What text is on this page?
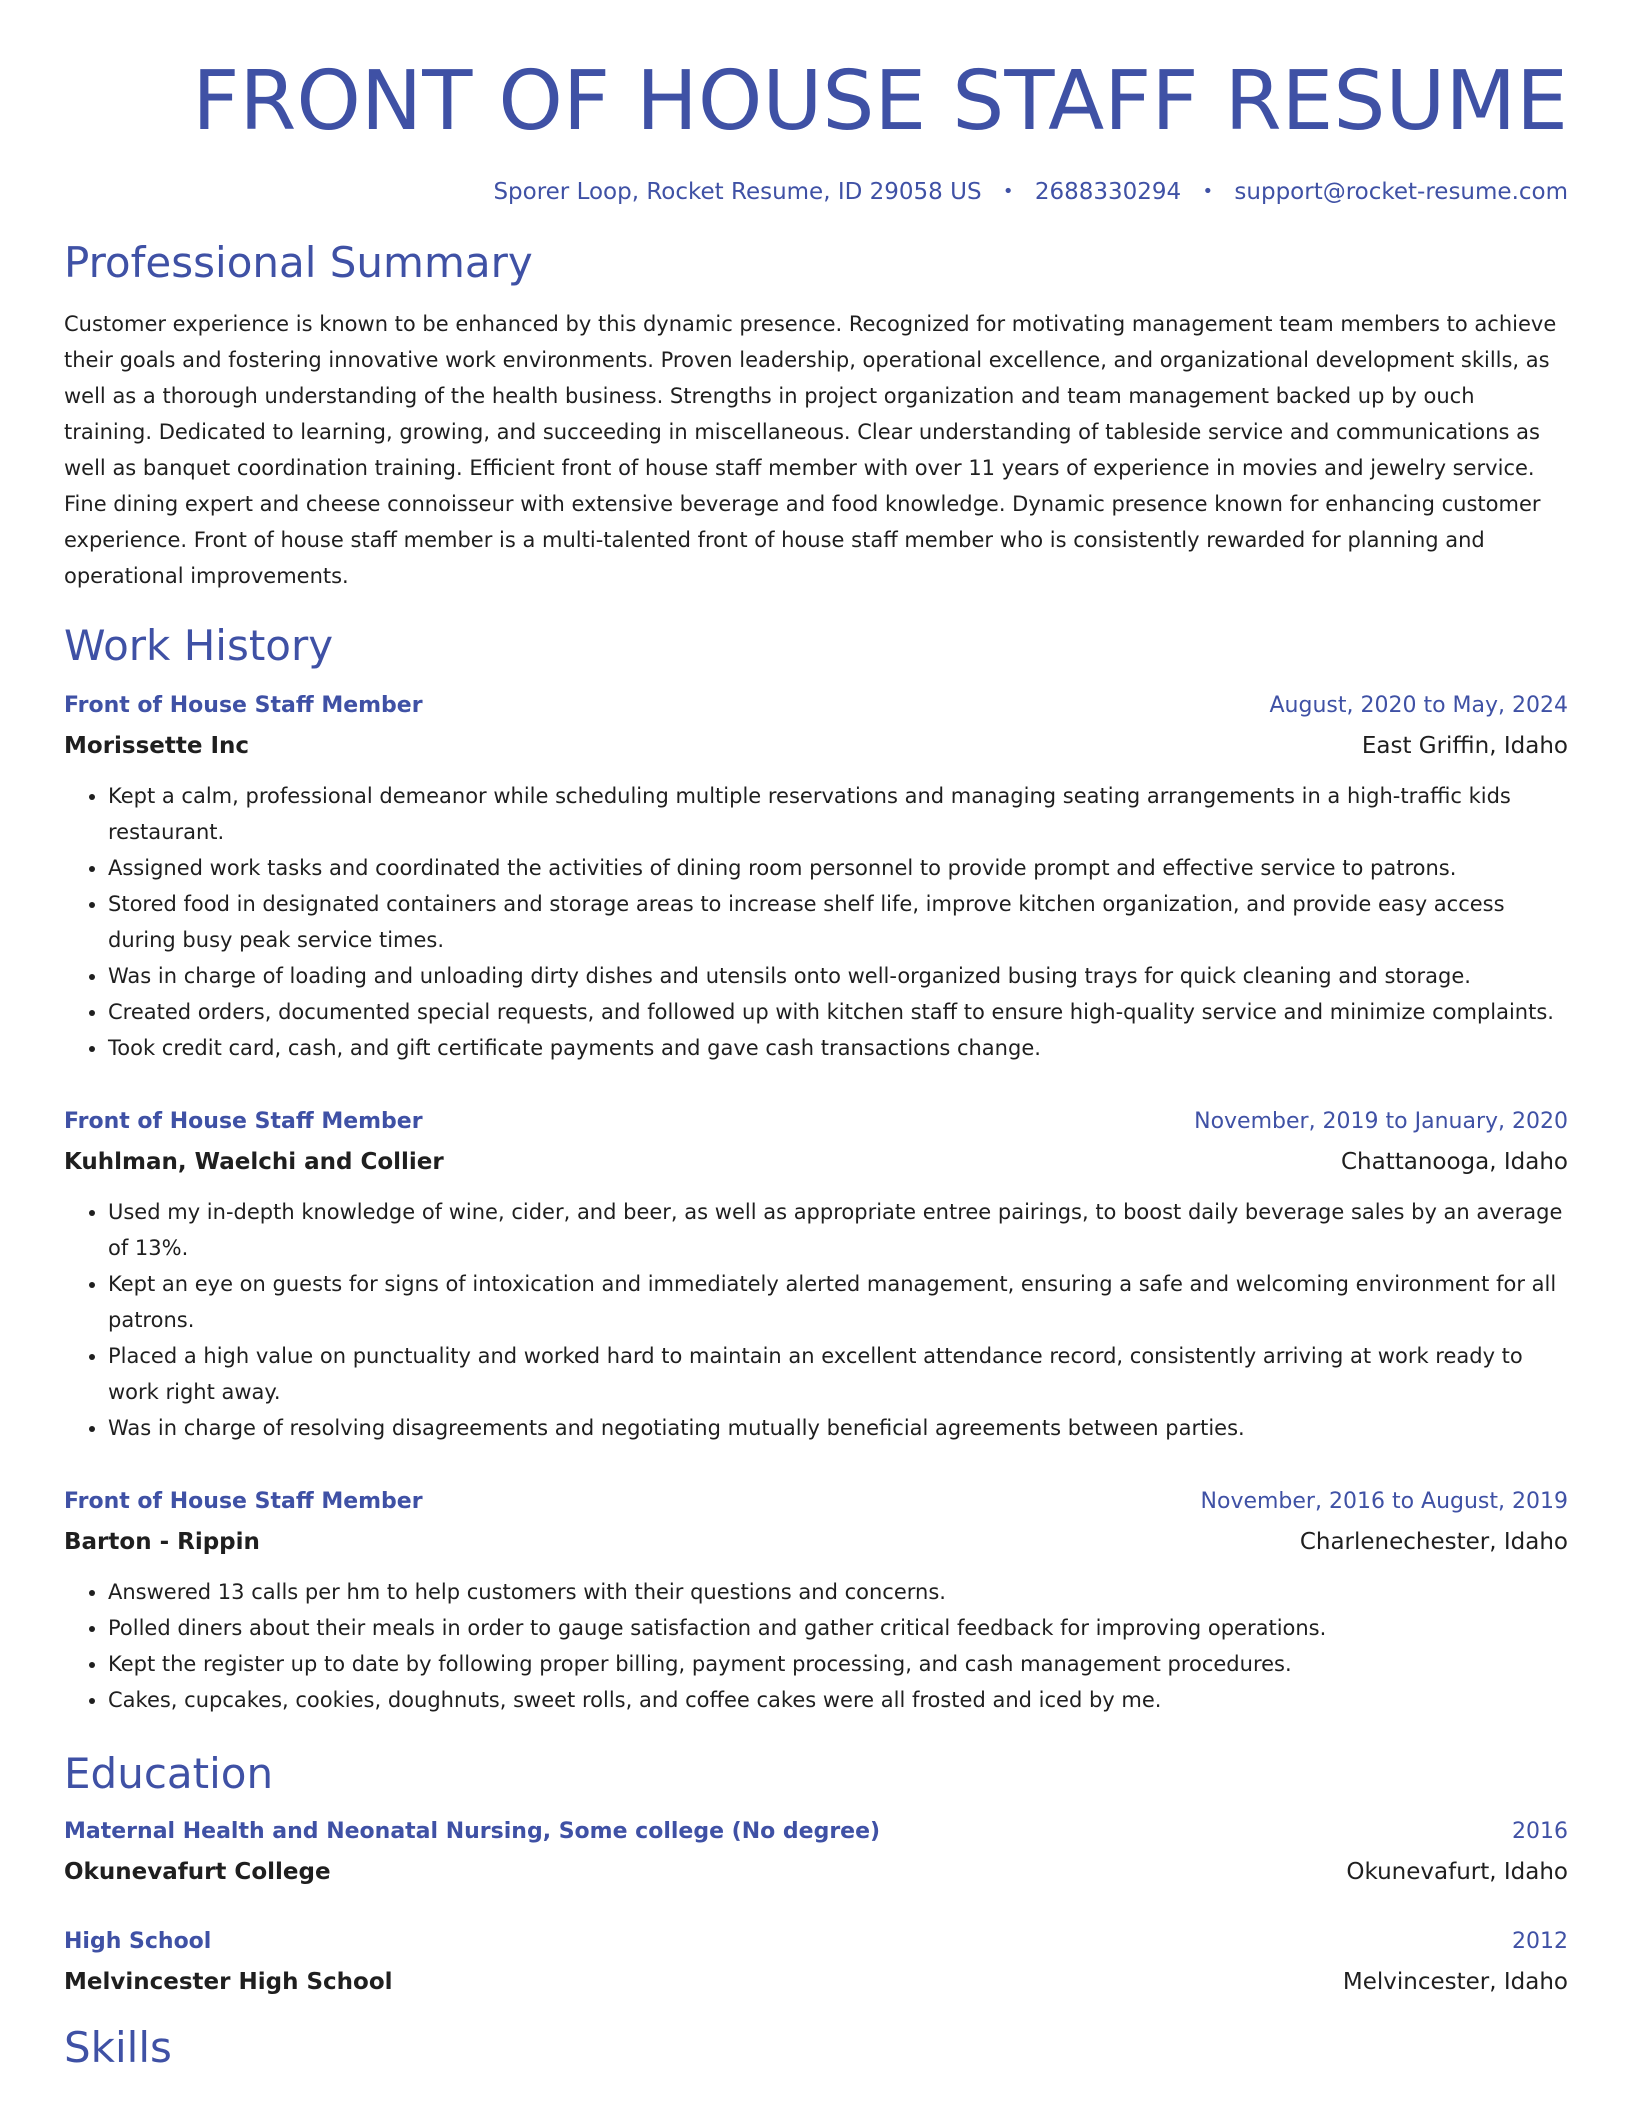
FRONT OF HOUSE STAFF RESUME
Sporer Loop, Rocket Resume, ID 29058 US • 2688330294 • support@rocket-resume.com
Professional Summary
Customer experience is known to be enhanced by this dynamic presence. Recognized for motivating management team members to achieve their goals and fostering innovative work environments. Proven leadership, operational excellence, and organizational development skills, as well as a thorough understanding of the health business. Strengths in project organization and team management backed up by ouch training. Dedicated to learning, growing, and succeeding in miscellaneous. Clear understanding of tableside service and communications as well as banquet coordination training. Efficient front of house staff member with over 11 years of experience in movies and jewelry service. Fine dining expert and cheese connoisseur with extensive beverage and food knowledge. Dynamic presence known for enhancing customer experience. Front of house staff member is a multi-talented front of house staff member who is consistently rewarded for planning and operational improvements.
Work History
Front of House Staff Member	August, 2020 to May, 2024
Morissette Inc	East Griffin, Idaho
• Kept a calm, professional demeanor while scheduling multiple reservations and managing seating arrangements in a high-traffic kids restaurant.
• Assigned work tasks and coordinated the activities of dining room personnel to provide prompt and effective service to patrons.
• Stored food in designated containers and storage areas to increase shelf life, improve kitchen organization, and provide easy access during busy peak service times.
• Was in charge of loading and unloading dirty dishes and utensils onto well-organized busing trays for quick cleaning and storage.
• Created orders, documented special requests, and followed up with kitchen staff to ensure high-quality service and minimize complaints.
• Took credit card, cash, and gift certificate payments and gave cash transactions change.
Front of House Staff Member	November, 2019 to January, 2020
Kuhlman, Waelchi and Collier	Chattanooga, Idaho
• Used my in-depth knowledge of wine, cider, and beer, as well as appropriate entree pairings, to boost daily beverage sales by an average of 13%.
• Kept an eye on guests for signs of intoxication and immediately alerted management, ensuring a safe and welcoming environment for all patrons.
• Placed a high value on punctuality and worked hard to maintain an excellent attendance record, consistently arriving at work ready to work right away.
• Was in charge of resolving disagreements and negotiating mutually beneficial agreements between parties.
Front of House Staff Member	November, 2016 to August, 2019
Barton - Rippin	Charlenechester, Idaho
• Answered 13 calls per hm to help customers with their questions and concerns.
• Polled diners about their meals in order to gauge satisfaction and gather critical feedback for improving operations.
• Kept the register up to date by following proper billing, payment processing, and cash management procedures.
• Cakes, cupcakes, cookies, doughnuts, sweet rolls, and coffee cakes were all frosted and iced by me.
Education
Maternal Health and Neonatal Nursing, Some college (No degree)	2016
Okunevafurt College	Okunevafurt, Idaho
High School	2012
Melvincester High School	Melvincester, Idaho
Skills
